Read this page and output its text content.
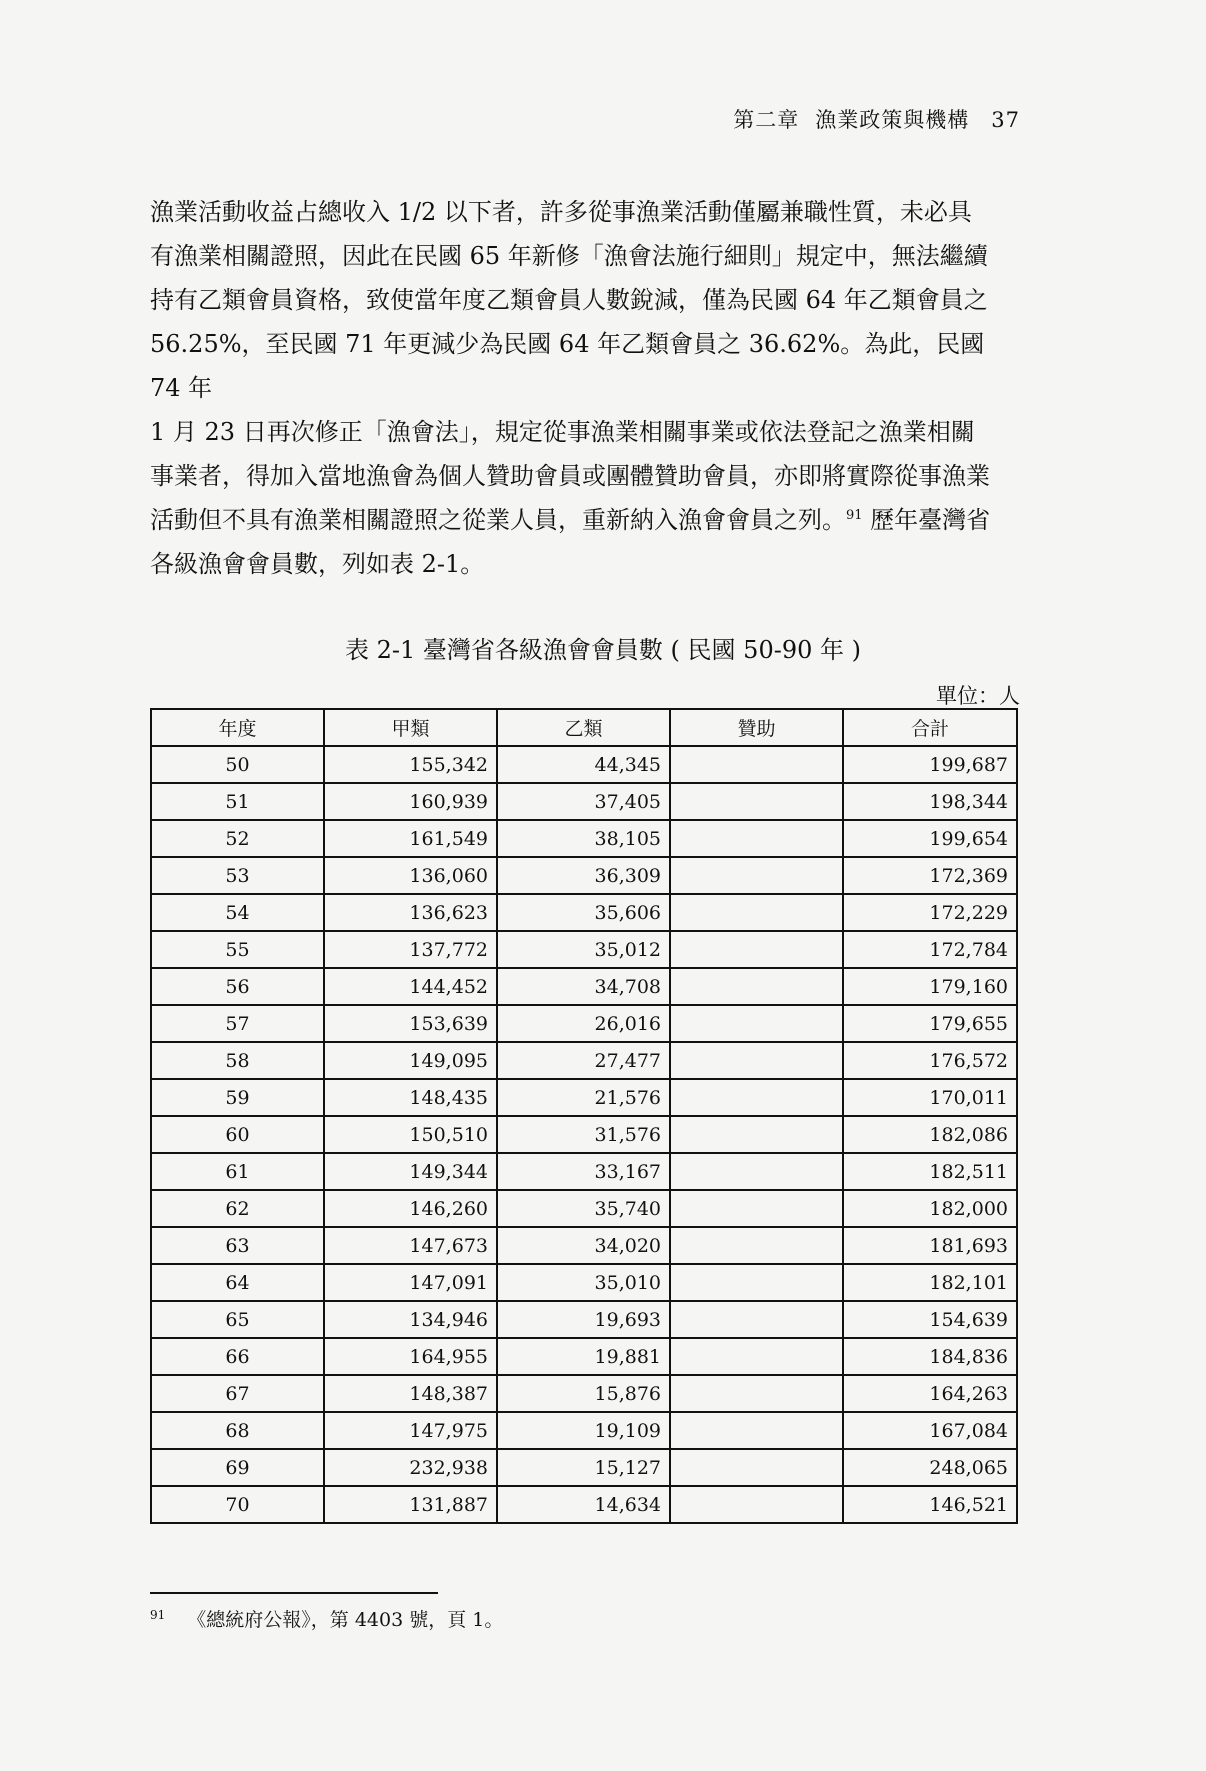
第二章 漁業政策與機構 37

漁業活動收益占總收入 1/2 以下者，許多從事漁業活動僅屬兼職性質，未必具

有漁業相關證照，因此在民國 65 年新修「漁會法施行細則」規定中，無法繼續

持有乙類會員資格，致使當年度乙類會員人數銳減，僅為民國 64 年乙類會員之

56.25%，至民國 71 年更減少為民國 64 年乙類會員之 36.62%。為此，民國 74 年

1 月 23 日再次修正「漁會法」，規定從事漁業相關事業或依法登記之漁業相關

事業者，得加入當地漁會為個人贊助會員或團體贊助會員，亦即將實際從事漁業

活動但不具有漁業相關證照之從業人員，重新納入漁會會員之列。$^{91}$ 歷年臺灣省

各級漁會會員數，列如表 2-1。

表 2-1 臺灣省各級漁會會員數 ( 民國 50-90 年 )
單位：人
年度	甲類	乙類	贊助	合計
50	155,342	44,345		199,687
51	160,939	37,405		198,344
52	161,549	38,105		199,654
53	136,060	36,309		172,369
54	136,623	35,606		172,229
55	137,772	35,012		172,784
56	144,452	34,708		179,160
57	153,639	26,016		179,655
58	149,095	27,477		176,572
59	148,435	21,576		170,011
60	150,510	31,576		182,086
61	149,344	33,167		182,511
62	146,260	35,740		182,000
63	147,673	34,020		181,693
64	147,091	35,010		182,101
65	134,946	19,693		154,639
66	164,955	19,881		184,836
67	148,387	15,876		164,263
68	147,975	19,109		167,084
69	232,938	15,127		248,065
70	131,887	14,634		146,521
$^{91}$ 《總統府公報》，第 4403 號，頁 1。
